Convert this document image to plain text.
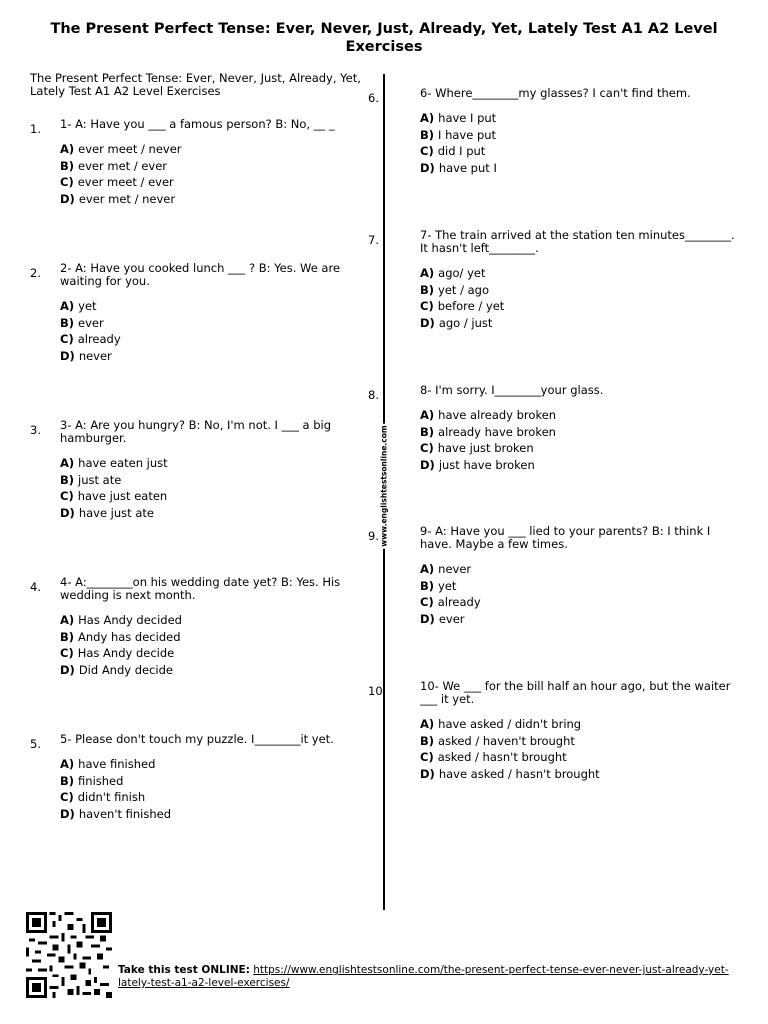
The Present Perfect Tense: Ever, Never, Just, Already, Yet, Lately Test A1 A2 Level Exercises
The Present Perfect Tense: Ever, Never, Just, Already, Yet, Lately Test A1 A2 Level Exercises
1.	1- A: Have you ___ a famous person? B: No, __ _
A) ever meet / never
B) ever met / ever
C) ever meet / ever
D) ever met / never
2.	2- A: Have you cooked lunch ___ ? B: Yes. We are waiting for you.
A) yet
B) ever
C) already
D) never
3.	3- A: Are you hungry? B: No, I'm not. I ___ a big hamburger.
A) have eaten just
B) just ate
C) have just eaten
D) have just ate
4.	4- A:________on his wedding date yet? B: Yes. His wedding is next month.
A) Has Andy decided
B) Andy has decided
C) Has Andy decide
D) Did Andy decide
5.	5- Please don't touch my puzzle. I________it yet.
A) have finished
B) finished
C) didn't finish
D) haven't finished
www.englishtestsonline.com
6.	6- Where________my glasses? I can't find them.
A) have I put
B) I have put
C) did I put
D) have put I
7.	7- The train arrived at the station ten minutes________. It hasn't left________.
A) ago/ yet
B) yet / ago
C) before / yet
D) ago / just
8.	8- I'm sorry. I________your glass.
A) have already broken
B) already have broken
C) have just broken
D) just have broken
9.	9- A: Have you ___ lied to your parents? B: I think I have. Maybe a few times.
A) never
B) yet
C) already
D) ever
10.	10- We ___ for the bill half an hour ago, but the waiter ___ it yet.
A) have asked / didn't bring
B) asked / haven't brought
C) asked / hasn't brought
D) have asked / hasn't brought
Take this test ONLINE: https://www.englishtestsonline.com/the-present-perfect-tense-ever-never-just-already-yet-lately-test-a1-a2-level-exercises/
